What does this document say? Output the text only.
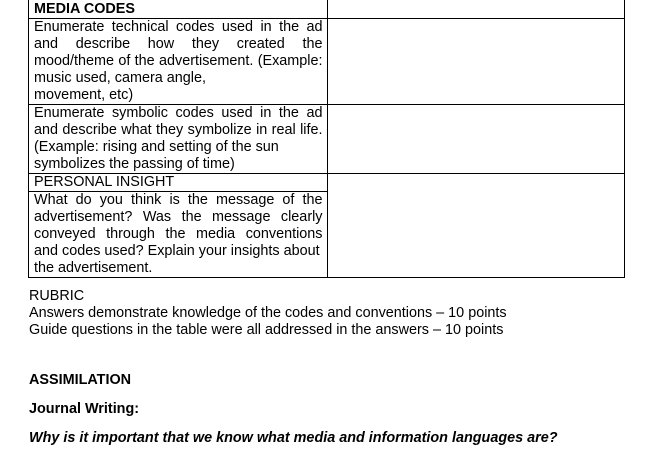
MEDIA CODES	

Enumerate technical codes used in the ad and describe how they created the mood/theme of the advertisement. (Example: music used, camera angle,
movement, etc)	

Enumerate symbolic codes used in the ad and describe what they symbolize in real life. (Example: rising and setting of the sun
symbolizes the passing of time)	

PERSONAL INSIGHT
What do you think is the message of the advertisement? Was the message clearly conveyed through the media conventions and codes used? Explain your insights about
the advertisement.	

RUBRIC
Answers demonstrate knowledge of the codes and conventions – 10 points
Guide questions in the table were all addressed in the answers – 10 points
ASSIMILATION
Journal Writing:
Why is it important that we know what media and information languages are?
